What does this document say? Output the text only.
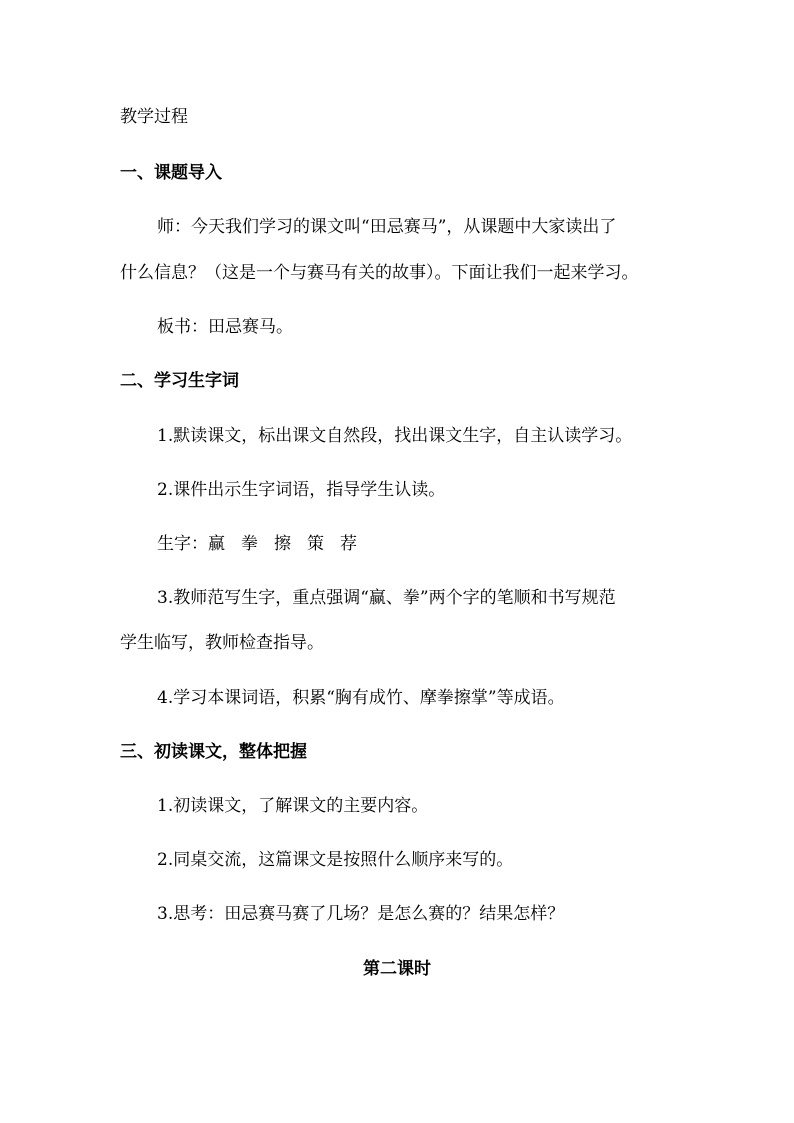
教学过程

一、课题导入

师：今天我们学习的课文叫“田忌赛马”，从课题中大家读出了

什么信息？（这是一个与赛马有关的故事）。下面让我们一起来学习。

板书：田忌赛马。

二、学习生字词

1.默读课文，标出课文自然段，找出课文生字，自主认读学习。

2.课件出示生字词语，指导学生认读。

生字：赢 拳 擦 策 荐

3.教师范写生字，重点强调“赢、拳”两个字的笔顺和书写规范

学生临写，教师检查指导。

4.学习本课词语，积累“胸有成竹、摩拳擦掌”等成语。

三、初读课文，整体把握

1.初读课文，了解课文的主要内容。

2.同桌交流，这篇课文是按照什么顺序来写的。

3.思考：田忌赛马赛了几场？是怎么赛的？结果怎样？

第二课时
